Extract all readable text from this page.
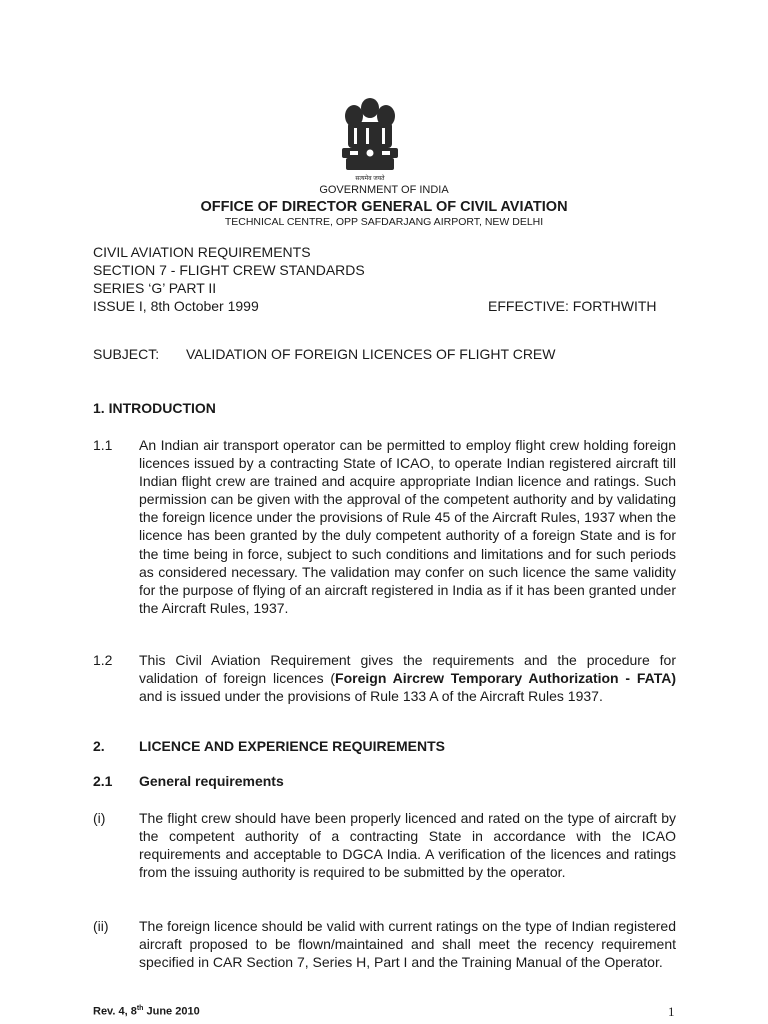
सत्यमेव जयते
GOVERNMENT OF INDIA
OFFICE OF DIRECTOR GENERAL OF CIVIL AVIATION
TECHNICAL CENTRE, OPP SAFDARJANG AIRPORT, NEW DELHI
CIVIL AVIATION REQUIREMENTS
SECTION 7 - FLIGHT CREW STANDARDS
SERIES ‘G’ PART II
ISSUE I, 8th October 1999	EFFECTIVE: FORTHWITH
SUBJECT: VALIDATION OF FOREIGN LICENCES OF FLIGHT CREW
1. INTRODUCTION
1.1 An Indian air transport operator can be permitted to employ flight crew holding foreign licences issued by a contracting State of ICAO, to operate Indian registered aircraft till Indian flight crew are trained and acquire appropriate Indian licence and ratings. Such permission can be given with the approval of the competent authority and by validating the foreign licence under the provisions of Rule 45 of the Aircraft Rules, 1937 when the licence has been granted by the duly competent authority of a foreign State and is for the time being in force, subject to such conditions and limitations and for such periods as considered necessary. The validation may confer on such licence the same validity for the purpose of flying of an aircraft registered in India as if it has been granted under the Aircraft Rules, 1937.
1.2 This Civil Aviation Requirement gives the requirements and the procedure for validation of foreign licences (Foreign Aircrew Temporary Authorization - FATA) and is issued under the provisions of Rule 133 A of the Aircraft Rules 1937.
2. LICENCE AND EXPERIENCE REQUIREMENTS
2.1 General requirements
(i) The flight crew should have been properly licenced and rated on the type of aircraft by the competent authority of a contracting State in accordance with the ICAO requirements and acceptable to DGCA India. A verification of the licences and ratings from the issuing authority is required to be submitted by the operator.
(ii) The foreign licence should be valid with current ratings on the type of Indian registered aircraft proposed to be flown/maintained and shall meet the recency requirement specified in CAR Section 7, Series H, Part I and the Training Manual of the Operator.
Rev. 4, 8th June 2010	1
